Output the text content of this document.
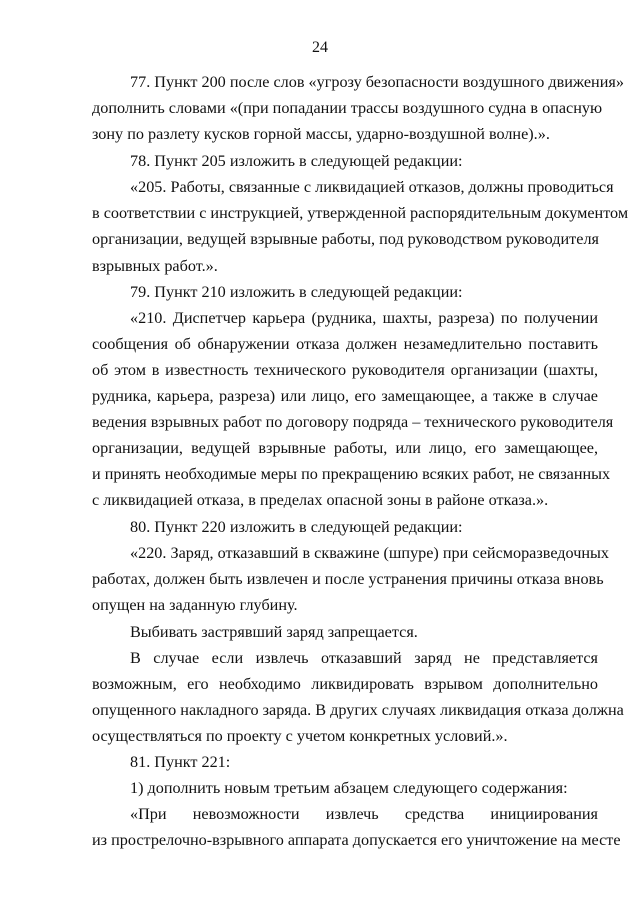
24
77. Пункт 200 после слов «угрозу безопасности воздушного движения»
дополнить словами «(при попадании трассы воздушного судна в опасную
зону по разлету кусков горной массы, ударно-воздушной волне).».
78. Пункт 205 изложить в следующей редакции:
«205. Работы, связанные с ликвидацией отказов, должны проводиться
в соответствии с инструкцией, утвержденной распорядительным документом
организации, ведущей взрывные работы, под руководством руководителя
взрывных работ.».
79. Пункт 210 изложить в следующей редакции:
«210. Диспетчер карьера (рудника, шахты, разреза) по получении
сообщения об обнаружении отказа должен незамедлительно поставить
об этом в известность технического руководителя организации (шахты,
рудника, карьера, разреза) или лицо, его замещающее, а также в случае
ведения взрывных работ по договору подряда – технического руководителя
организации, ведущей взрывные работы, или лицо, его замещающее,
и принять необходимые меры по прекращению всяких работ, не связанных
с ликвидацией отказа, в пределах опасной зоны в районе отказа.».
80. Пункт 220 изложить в следующей редакции:
«220. Заряд, отказавший в скважине (шпуре) при сейсморазведочных
работах, должен быть извлечен и после устранения причины отказа вновь
опущен на заданную глубину.
Выбивать застрявший заряд запрещается.
В случае если извлечь отказавший заряд не представляется
возможным, его необходимо ликвидировать взрывом дополнительно
опущенного накладного заряда. В других случаях ликвидация отказа должна
осуществляться по проекту с учетом конкретных условий.».
81. Пункт 221:
1) дополнить новым третьим абзацем следующего содержания:
«При невозможности извлечь средства инициирования
из прострелочно-взрывного аппарата допускается его уничтожение на месте
